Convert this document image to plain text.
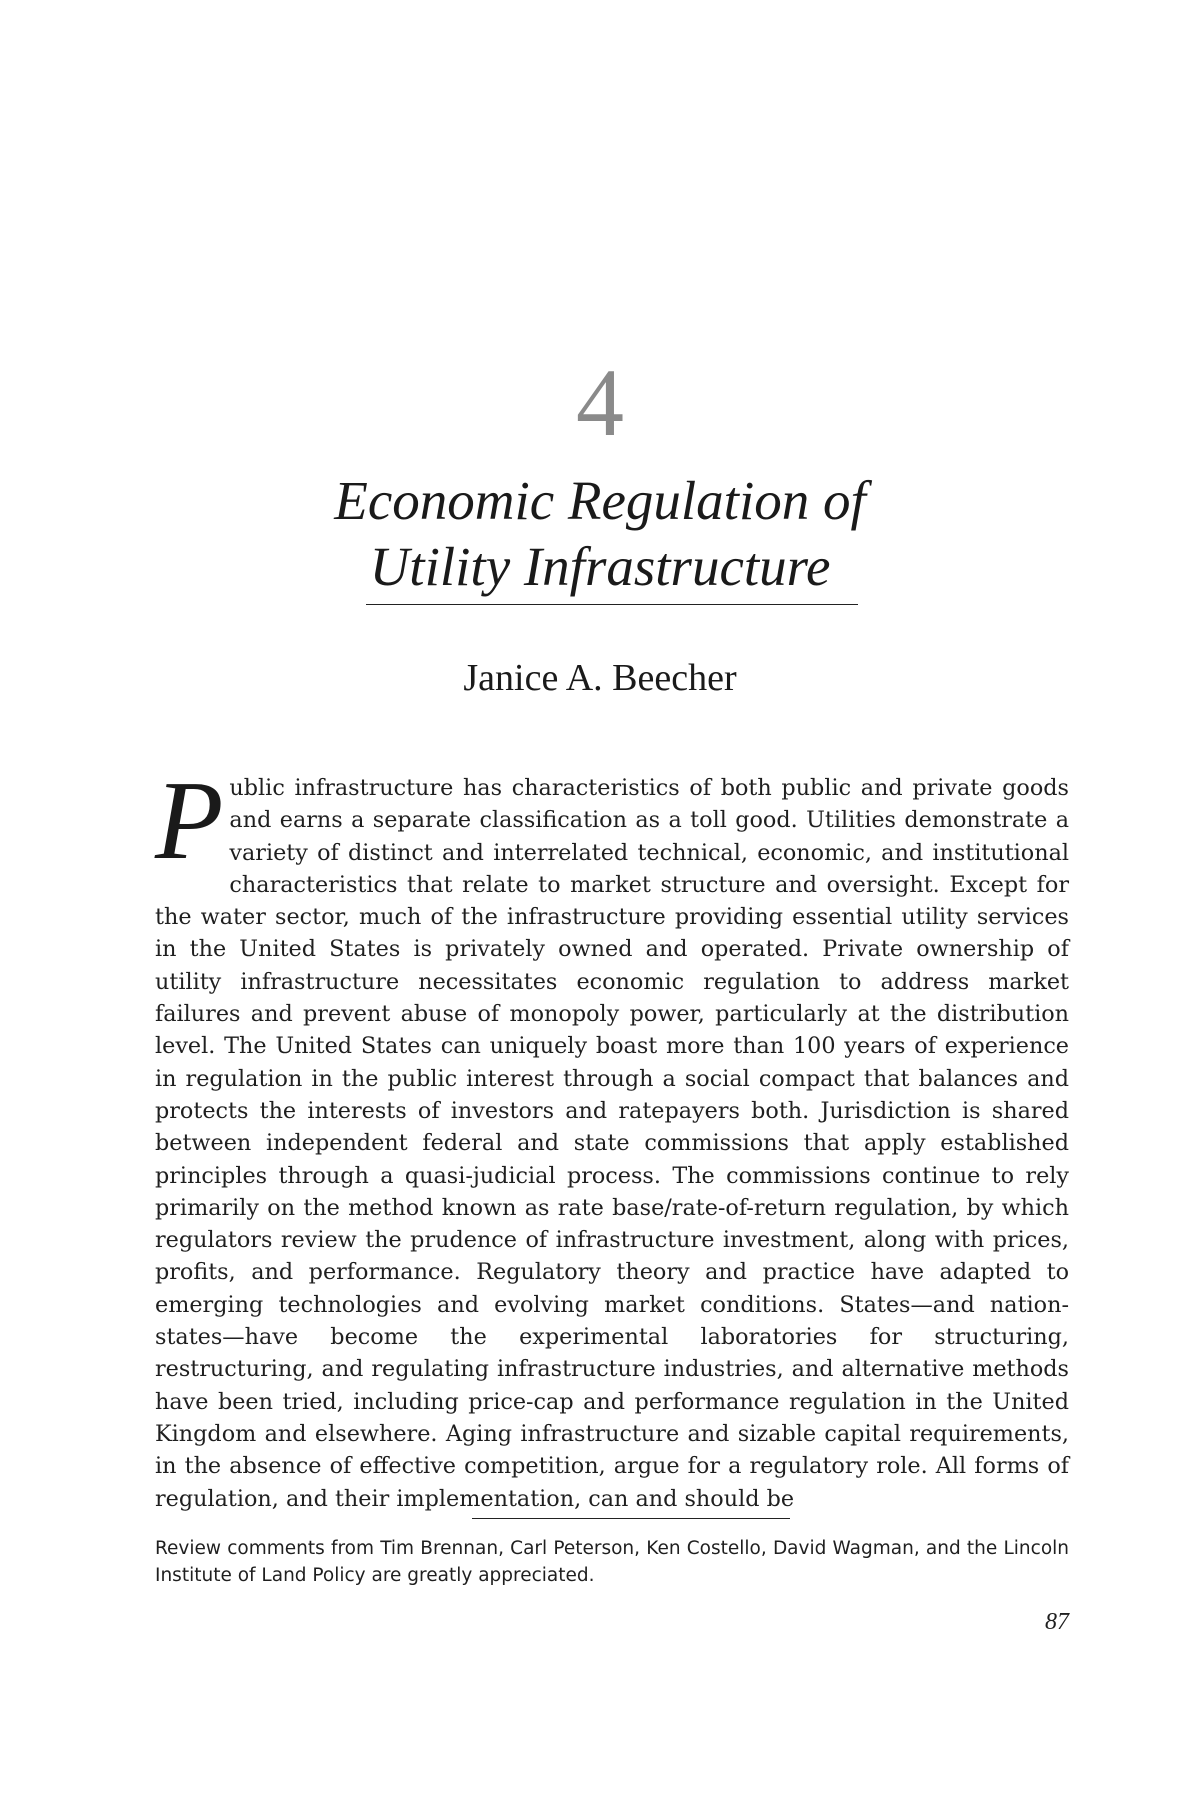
4
Economic Regulation of
Utility Infrastructure
Janice A. Beecher
Public infrastructure has characteristics of both public and private goods and earns a separate classification as a toll good. Utilities demonstrate a variety of distinct and interrelated technical, economic, and institutional characteristics that relate to market structure and oversight. Except for the water sector, much of the infrastructure providing essential utility services in the United States is privately owned and operated. Private ownership of utility infrastructure necessitates economic regulation to address market failures and prevent abuse of monopoly power, particularly at the distribution level. The United States can uniquely boast more than 100 years of experience in regulation in the public interest through a social compact that balances and protects the interests of investors and ratepayers both. Jurisdiction is shared between independent federal and state commissions that apply established principles through a quasi-judicial process. The commissions continue to rely primarily on the method known as rate base/rate-of-return regulation, by which regulators review the prudence of infrastructure investment, along with prices, profits, and performance. Regulatory theory and practice have adapted to emerging technologies and evolving market conditions. States—and nation-states—have become the experimental laboratories for structuring, restructuring, and regulating infrastructure industries, and alternative methods have been tried, including price-cap and performance regulation in the United Kingdom and elsewhere. Aging infrastructure and sizable capital requirements, in the absence of effective competition, argue for a regulatory role. All forms of regulation, and their implementation, can and should be
Review comments from Tim Brennan, Carl Peterson, Ken Costello, David Wagman, and the Lincoln Institute of Land Policy are greatly appreciated.
87
